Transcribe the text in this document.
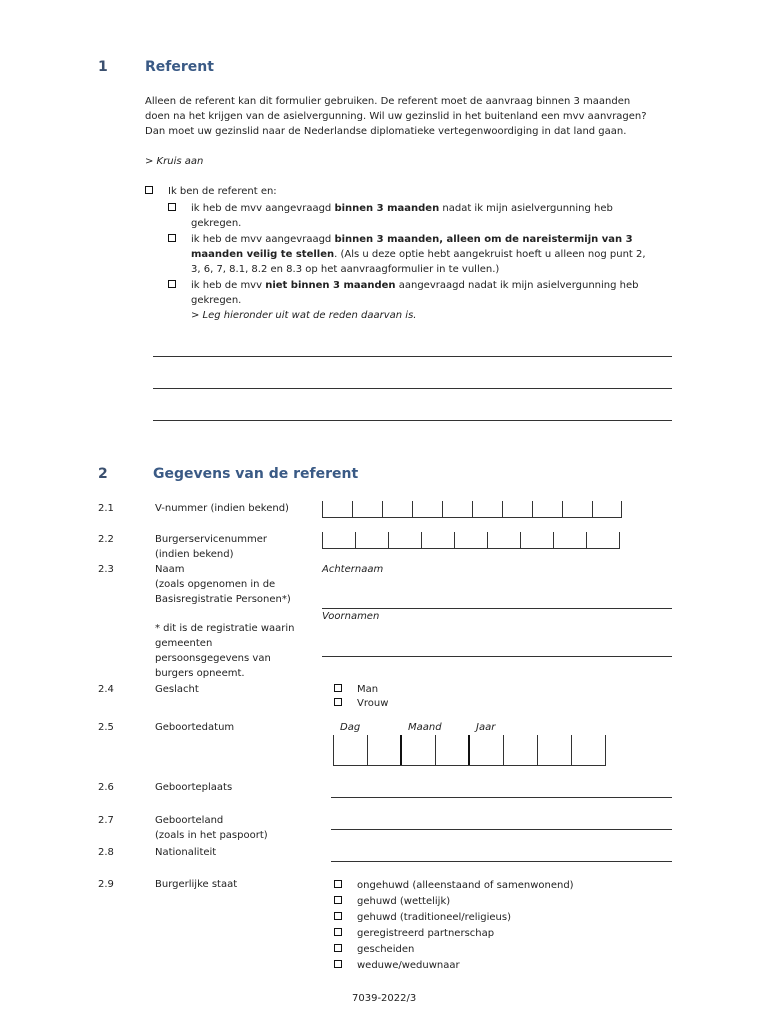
1	Referent
Alleen de referent kan dit formulier gebruiken. De referent moet de aanvraag binnen 3 maanden
doen na het krijgen van de asielvergunning. Wil uw gezinslid in het buitenland een mvv aanvragen?
Dan moet uw gezinslid naar de Nederlandse diplomatieke vertegenwoordiging in dat land gaan.
> Kruis aan
Ik ben de referent en:
ik heb de mvv aangevraagd binnen 3 maanden nadat ik mijn asielvergunning heb
gekregen.
ik heb de mvv aangevraagd binnen 3 maanden, alleen om de nareistermijn van 3
maanden veilig te stellen. (Als u deze optie hebt aangekruist hoeft u alleen nog punt 2,
3, 6, 7, 8.1, 8.2 en 8.3 op het aanvraagformulier in te vullen.)
ik heb de mvv niet binnen 3 maanden aangevraagd nadat ik mijn asielvergunning heb
gekregen.
> Leg hieronder uit wat de reden daarvan is.
2	Gegevens van de referent
2.1	V-nummer (indien bekend)
2.2	Burgerservicenummer
(indien bekend)
2.3	Naam
(zoals opgenomen in de
Basisregistratie Personen*)
* dit is de registratie waarin
gemeenten
persoonsgegevens van
burgers opneemt.
Achternaam
Voornamen
2.4	Geslacht	Man
Vrouw
2.5	Geboortedatum	Dag	Maand	Jaar
2.6	Geboorteplaats
2.7	Geboorteland
(zoals in het paspoort)
2.8	Nationaliteit
2.9	Burgerlijke staat	ongehuwd (alleenstaand of samenwonend)
gehuwd (wettelijk)
gehuwd (traditioneel/religieus)
geregistreerd partnerschap
gescheiden
weduwe/weduwnaar
7039-2022/3
